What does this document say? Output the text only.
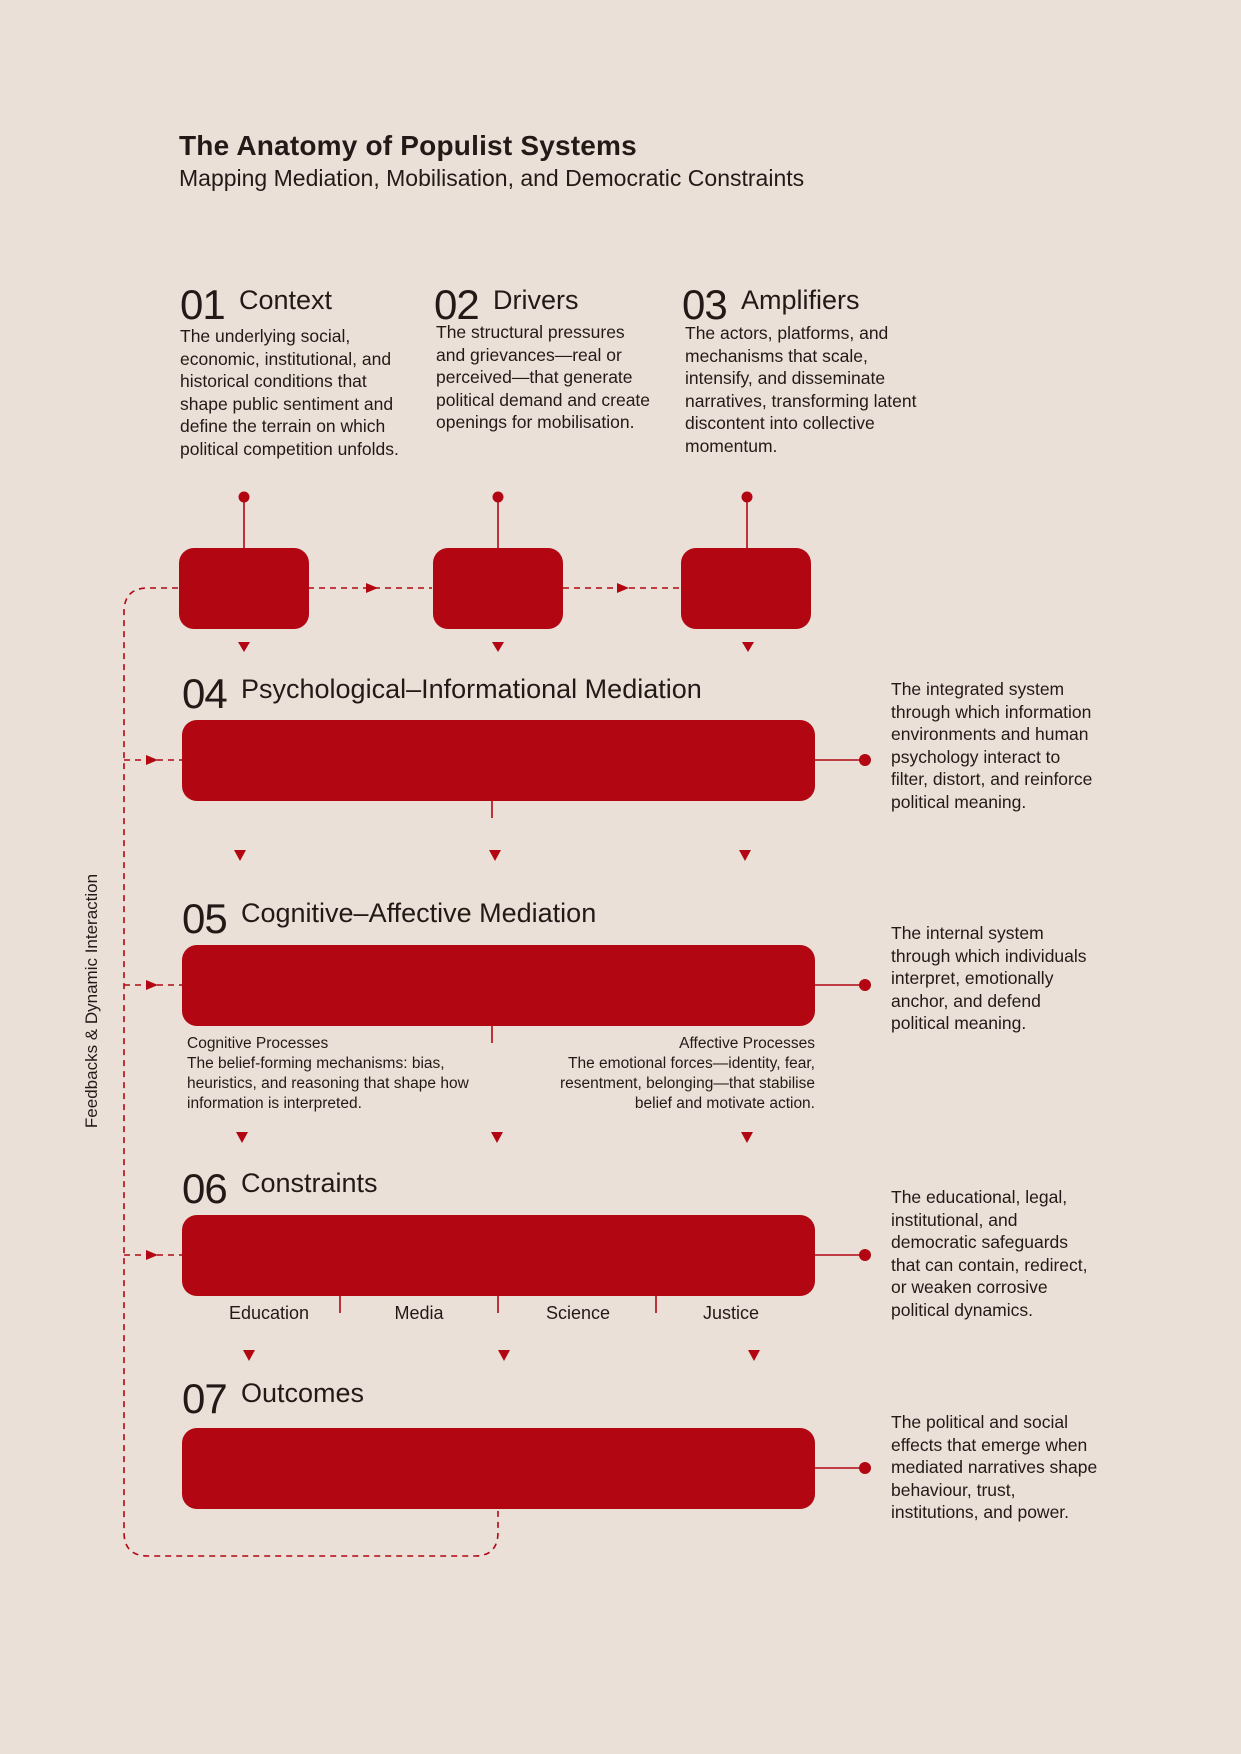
The Anatomy of Populist Systems
Mapping Mediation, Mobilisation, and Democratic Constraints
Feedbacks & Dynamic Interaction
01 Context
The underlying social, economic, institutional, and historical conditions that shape public sentiment and define the terrain on which political competition unfolds.
02 Drivers
The structural pressures and grievances—real or perceived—that generate political demand and create openings for mobilisation.
03 Amplifiers
The actors, platforms, and mechanisms that scale, intensify, and disseminate narratives, transforming latent discontent into collective momentum.
04 Psychological–Informational Mediation	The integrated system through which information environments and human psychology interact to filter, distort, and reinforce political meaning.
05 Cognitive–Affective Mediation
The internal system through which individuals interpret, emotionally anchor, and defend political meaning.
Cognitive Processes
The belief-forming mechanisms: bias, heuristics, and reasoning that shape how information is interpreted.
Affective Processes
The emotional forces—identity, fear, resentment, belonging—that stabilise belief and motivate action.
06 Constraints	The educational, legal, institutional, and democratic safeguards that can contain, redirect, or weaken corrosive political dynamics.
Education	Media	Science	Justice
07 Outcomes
The political and social effects that emerge when mediated narratives shape behaviour, trust, institutions, and power.
